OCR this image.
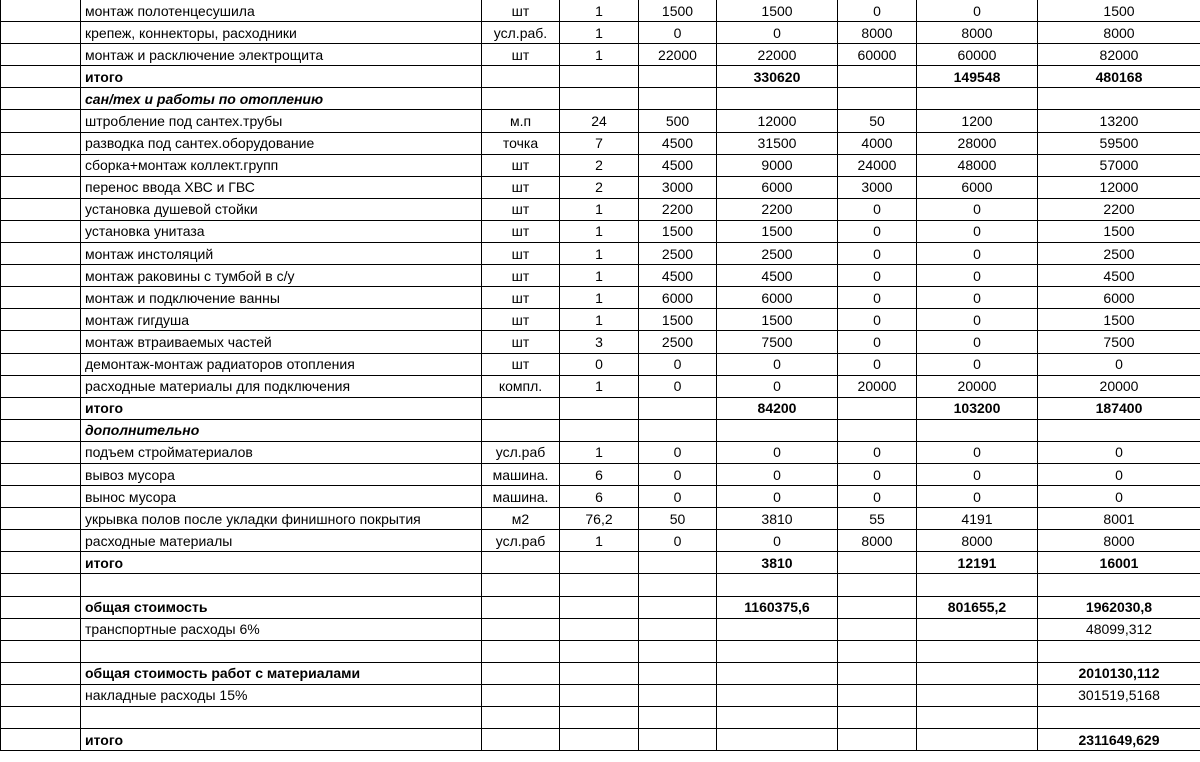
	монтаж полотенцесушила	шт	1	1500	1500	0	0	1500
	крепеж, коннекторы, расходники	усл.раб.	1	0	0	8000	8000	8000
	монтаж и расключение электрощита	шт	1	22000	22000	60000	60000	82000
	итого				330620		149548	480168
	сан/тех и работы по отоплению							
	штробление под сантех.трубы	м.п	24	500	12000	50	1200	13200
	разводка под сантех.оборудование	точка	7	4500	31500	4000	28000	59500
	сборка+монтаж коллект.групп	шт	2	4500	9000	24000	48000	57000
	перенос ввода ХВС и ГВС	шт	2	3000	6000	3000	6000	12000
	установка душевой стойки	шт	1	2200	2200	0	0	2200
	установка унитаза	шт	1	1500	1500	0	0	1500
	монтаж инстоляций	шт	1	2500	2500	0	0	2500
	монтаж раковины с тумбой в с/у	шт	1	4500	4500	0	0	4500
	монтаж и подключение ванны	шт	1	6000	6000	0	0	6000
	монтаж гигдуша	шт	1	1500	1500	0	0	1500
	монтаж втраиваемых частей	шт	3	2500	7500	0	0	7500
	демонтаж-монтаж радиаторов отопления	шт	0	0	0	0	0	0
	расходные материалы для подключения	компл.	1	0	0	20000	20000	20000
	итого				84200		103200	187400
	дополнительно							
	подъем стройматериалов	усл.раб	1	0	0	0	0	0
	вывоз мусора	машина.	6	0	0	0	0	0
	вынос мусора	машина.	6	0	0	0	0	0
	укрывка полов после укладки финишного покрытия	м2	76,2	50	3810	55	4191	8001
	расходные материалы	усл.раб	1	0	0	8000	8000	8000
	итого				3810		12191	16001

	общая стоимость				1160375,6		801655,2	1962030,8
	транспортные расходы 6%							48099,312

	общая стоимость работ с материалами							2010130,112
	накладные расходы 15%							301519,5168

	итого							2311649,629
